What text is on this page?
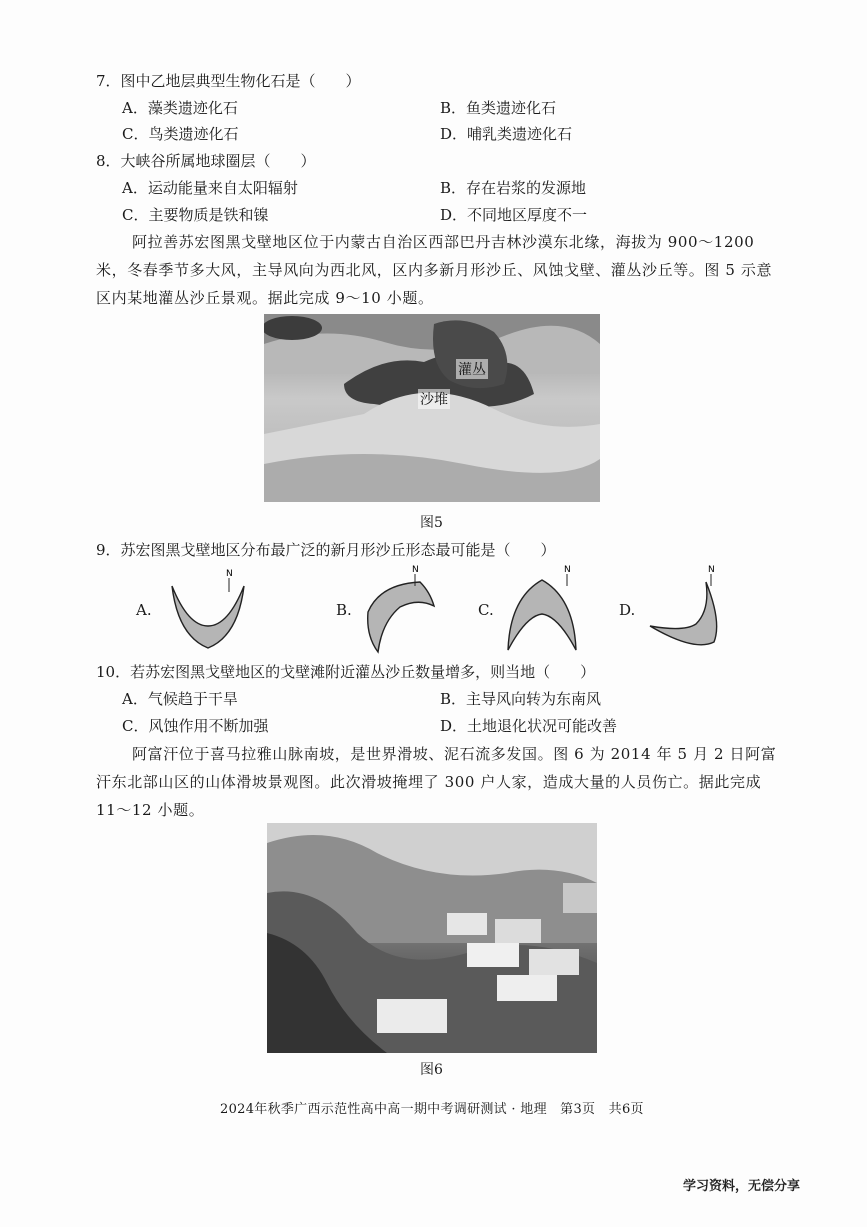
7．图中乙地层典型生物化石是（　　）
A．藻类遗迹化石	B．鱼类遗迹化石
C．鸟类遗迹化石	D．哺乳类遗迹化石
8．大峡谷所属地球圈层（　　）
A．运动能量来自太阳辐射	B．存在岩浆的发源地
C．主要物质是铁和镍	D．不同地区厚度不一
阿拉善苏宏图黑戈壁地区位于内蒙古自治区西部巴丹吉林沙漠东北缘，海拔为 900～1200 米，冬春季节多大风，主导风向为西北风，区内多新月形沙丘、风蚀戈壁、灌丛沙丘等。图 5 示意区内某地灌丛沙丘景观。据此完成 9～10 小题。
灌丛
沙堆
图5
9．苏宏图黑戈壁地区分布最广泛的新月形沙丘形态最可能是（　　）
A.
N
B.
N
C.
N
D.
N
10．若苏宏图黑戈壁地区的戈壁滩附近灌丛沙丘数量增多，则当地（　　）
A．气候趋于干旱	B．主导风向转为东南风
C．风蚀作用不断加强	D．土地退化状况可能改善
阿富汗位于喜马拉雅山脉南坡，是世界滑坡、泥石流多发国。图 6 为 2014 年 5 月 2 日阿富汗东北部山区的山体滑坡景观图。此次滑坡掩埋了 300 户人家，造成大量的人员伤亡。据此完成 11～12 小题。
图6
2024年秋季广西示范性高中高一期中考调研测试 · 地理　第3页　共6页
学习资料，无偿分享
